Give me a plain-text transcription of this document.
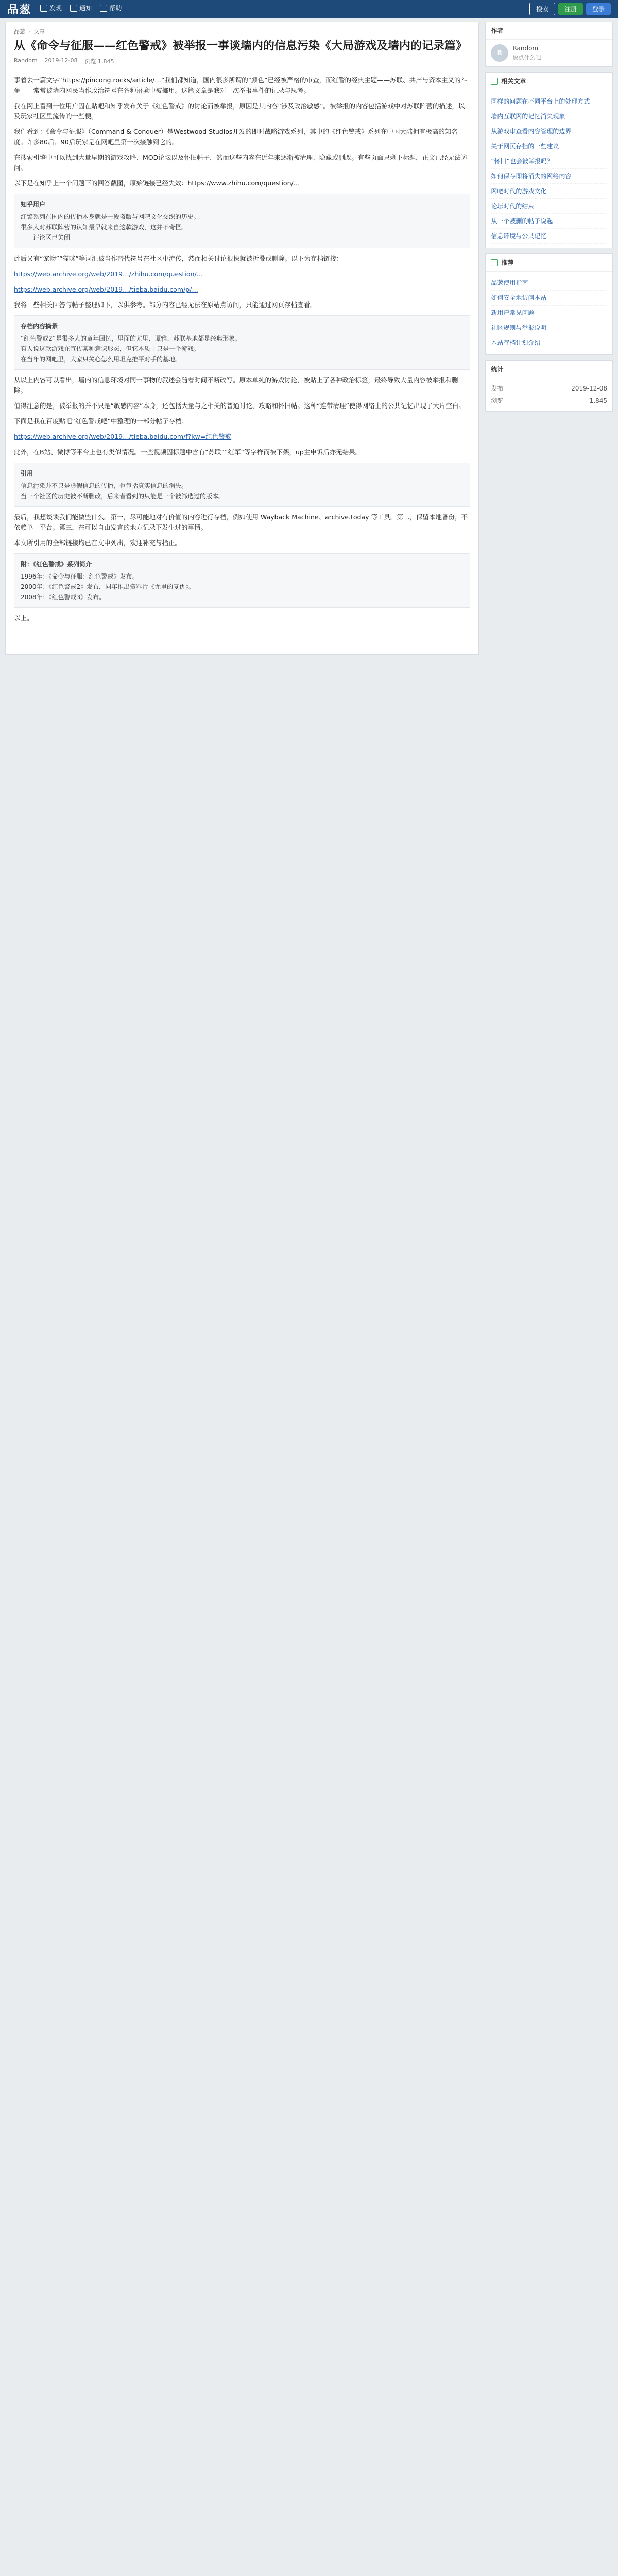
品葱	发现
	通知
	帮助	搜索	注册	登录
品葱 › 文章
从《命令与征服——红色警戒》被举报一事谈墙内的信息污染《大局游戏及墙内的记录篇》
Random 2019-12-08 浏览 1,845

事着去一篇文字“https://pincong.rocks/article/…”我们都知道，国内很多所谓的“颜色”已经被严格的审查，而红警的经典主题——苏联、共产与资本主义的斗争——常常被墙内网民当作政治符号在各种语境中被挪用。这篇文章是我对一次举报事件的记录与思考。

我在网上看到一位用户因在贴吧和知乎发布关于《红色警戒》的讨论而被举报，原因是其内容“涉及政治敏感”。被举报的内容包括游戏中对苏联阵营的描述，以及玩家社区里流传的一些梗。

我们看到：《命令与征服》（Command & Conquer）是Westwood Studios开发的即时战略游戏系列，其中的《红色警戒》系列在中国大陆拥有极高的知名度。许多80后、90后玩家是在网吧里第一次接触到它的。

在搜索引擎中可以找到大量早期的游戏攻略、MOD论坛以及怀旧帖子，然而这些内容在近年来逐渐被清理、隐藏或删改。有些页面只剩下标题，正文已经无法访问。

以下是在知乎上一个问题下的回答截图，原始链接已经失效：https://www.zhihu.com/question/…

知乎用户
红警系列在国内的传播本身就是一段盗版与网吧文化交织的历史。
很多人对苏联阵营的认知最早就来自这款游戏，这并不奇怪。
——评论区已关闭

此后又有“宠物”“猫咪”等词汇被当作替代符号在社区中流传，然而相关讨论很快就被折叠或删除。以下为存档链接：

https://web.archive.org/web/2019…/zhihu.com/question/…

https://web.archive.org/web/2019…/tieba.baidu.com/p/…

我将一些相关回答与帖子整理如下，以供参考。部分内容已经无法在原站点访问，只能通过网页存档查看。

存档内容摘录
“红色警戒2”是很多人的童年回忆，里面的尤里、谭雅、苏联基地都是经典形象。
有人说这款游戏在宣传某种意识形态，但它本质上只是一个游戏。
在当年的网吧里，大家只关心怎么用坦克推平对手的基地。

从以上内容可以看出，墙内的信息环境对同一事物的叙述会随着时间不断改写。原本单纯的游戏讨论，被贴上了各种政治标签，最终导致大量内容被举报和删除。

值得注意的是，被举报的并不只是“敏感内容”本身，还包括大量与之相关的普通讨论、攻略和怀旧帖。这种“连带清理”使得网络上的公共记忆出现了大片空白。

下面是我在百度贴吧“红色警戒吧”中整理的一部分帖子存档：

https://web.archive.org/web/2019…/tieba.baidu.com/f?kw=红色警戒

此外，在B站、微博等平台上也有类似情况。一些视频因标题中含有“苏联”“红军”等字样而被下架，up主申诉后亦无结果。

引用
信息污染并不只是虚假信息的传播，也包括真实信息的消失。
当一个社区的历史被不断删改，后来者看到的只能是一个被筛选过的版本。

最后，我想谈谈我们能做些什么。第一，尽可能地对有价值的内容进行存档，例如使用 Wayback Machine、archive.today 等工具。第二，保留本地备份，不依赖单一平台。第三，在可以自由发言的地方记录下发生过的事情。

本文所引用的全部链接均已在文中列出，欢迎补充与指正。

附：《红色警戒》系列简介
1996年：《命令与征服：红色警戒》发布。
2000年：《红色警戒2》发布，同年推出资料片《尤里的复仇》。
2008年：《红色警戒3》发布。

以上。

作者
R
Random
说点什么吧
相关文章
同样的问题在不同平台上的处理方式
墙内互联网的记忆消失现象
从游戏审查看内容管理的边界
关于网页存档的一些建议
“怀旧”也会被举报吗？
如何保存即将消失的网络内容
网吧时代的游戏文化
论坛时代的结束
从一个被删的帖子说起
信息环境与公共记忆
推荐
品葱使用指南
如何安全地访问本站
新用户常见问题
社区规则与举报说明
本站存档计划介绍
统计
发布	2019-12-08
浏览	1,845
